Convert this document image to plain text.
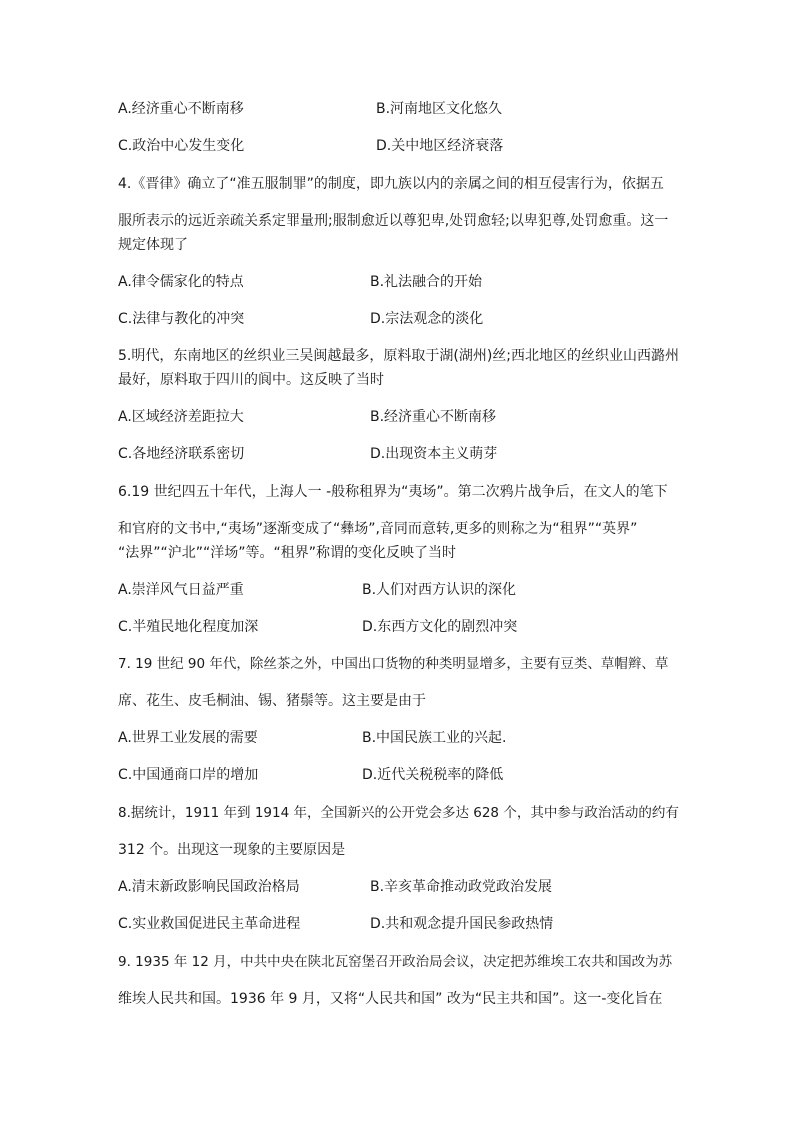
A.经济重心不断南移	B.河南地区文化悠久
C.政治中心发生变化	D.关中地区经济衰落
4.《晋律》确立了“准五服制罪”的制度，即九族以内的亲属之间的相互侵害行为，依据五
服所表示的远近亲疏关系定罪量刑;服制愈近以尊犯卑,处罚愈轻;以卑犯尊,处罚愈重。这一
规定体现了
A.律令儒家化的特点	B.礼法融合的开始
C.法律与教化的冲突	D.宗法观念的淡化
5.明代，东南地区的丝织业三吴闽越最多，原料取于湖(湖州)丝;西北地区的丝织业山西潞州
最好，原料取于四川的阆中。这反映了当时
A.区域经济差距拉大	B.经济重心不断南移
C.各地经济联系密切	D.出现资本主义萌芽
6.19 世纪四五十年代，上海人一 -般称租界为“夷场”。第二次鸦片战争后，在文人的笔下
和官府的文书中,“夷场”逐渐变成了“彝场”,音同而意转,更多的则称之为“租界”“英界”
“法界”“沪北”“洋场”等。“租界”称谓的变化反映了当时
A.崇洋风气日益严重	B.人们对西方认识的深化
C.半殖民地化程度加深	D.东西方文化的剧烈冲突
7. 19 世纪 90 年代，除丝茶之外，中国出口货物的种类明显增多，主要有豆类、草帽辫、草
席、花生、皮毛桐油、锡、猪鬃等。这主要是由于
A.世界工业发展的需要	B.中国民族工业的兴起.
C.中国通商口岸的增加	D.近代关税税率的降低
8.据统计，1911 年到 1914 年，全国新兴的公开党会多达 628 个，其中参与政治活动的约有
312 个。出现这一现象的主要原因是
A.清末新政影响民国政治格局	B.辛亥革命推动政党政治发展
C.实业救国促进民主革命进程	D.共和观念提升国民参政热情
9. 1935 年 12 月，中共中央在陕北瓦窑堡召开政治局会议，决定把苏维埃工农共和国改为苏
维埃人民共和国。1936 年 9 月，又将“人民共和国” 改为“民主共和国”。这一-变化旨在
